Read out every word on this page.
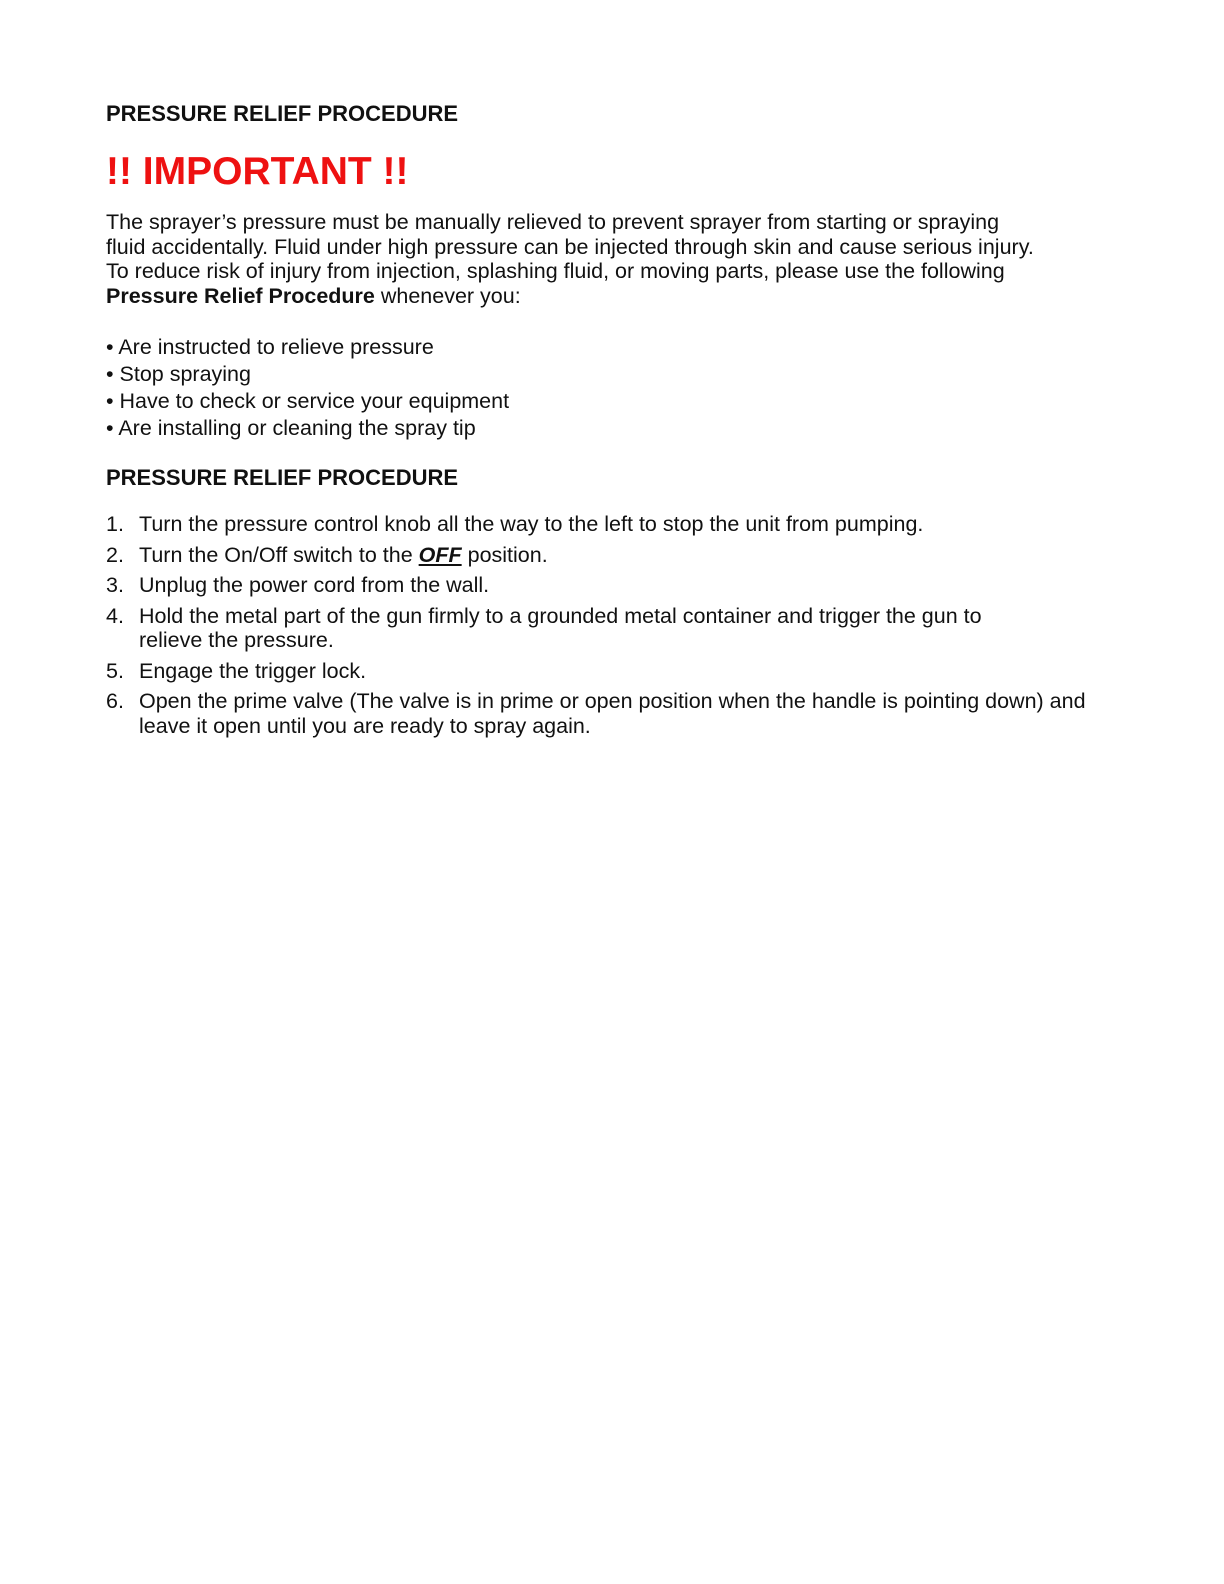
PRESSURE RELIEF PROCEDURE
!! IMPORTANT !!

The sprayer’s pressure must be manually relieved to prevent sprayer from starting or spraying
fluid accidentally. Fluid under high pressure can be injected through skin and cause serious injury.
To reduce risk of injury from injection, splashing fluid, or moving parts, please use the following
Pressure Relief Procedure whenever you:

• Are instructed to relieve pressure
• Stop spraying
• Have to check or service your equipment
• Are installing or cleaning the spray tip
PRESSURE RELIEF PROCEDURE
1. Turn the pressure control knob all the way to the left to stop the unit from pumping.
2. Turn the On/Off switch to the OFF position.
3. Unplug the power cord from the wall.
4. Hold the metal part of the gun firmly to a grounded metal container and trigger the gun to
relieve the pressure.
5. Engage the trigger lock.
6. Open the prime valve (The valve is in prime or open position when the handle is pointing down) and
leave it open until you are ready to spray again.
